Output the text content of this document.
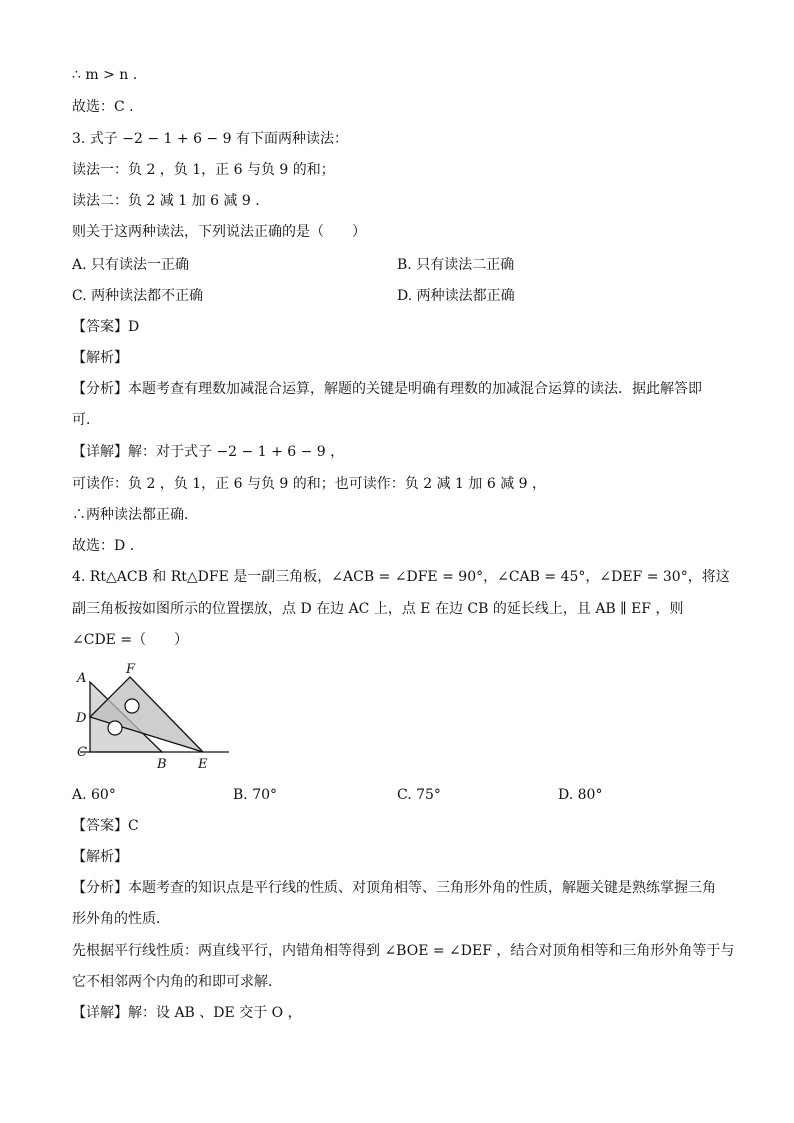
∴ m > n .
故选：C .
3. 式子 −2 − 1 + 6 − 9 有下面两种读法：
读法一：负 2 ，负 1，正 6 与负 9 的和；
读法二：负 2 减 1 加 6 减 9 .
则关于这两种读法，下列说法正确的是（　　）
A. 只有读法一正确	B. 只有读法二正确
C. 两种读法都不正确	D. 两种读法都正确
【答案】D
【解析】
【分析】本题考查有理数加减混合运算，解题的关键是明确有理数的加减混合运算的读法．据此解答即
可．
【详解】解：对于式子 −2 − 1 + 6 − 9 ，
可读作：负 2 ，负 1，正 6 与负 9 的和；也可读作：负 2 减 1 加 6 减 9 ，
∴两种读法都正确．
故选：D .
4. Rt△ACB 和 Rt△DFE 是一副三角板，∠ACB = ∠DFE = 90°，∠CAB = 45°，∠DEF = 30°，将这
副三角板按如图所示的位置摆放，点 D 在边 AC 上，点 E 在边 CB 的延长线上，且 AB ∥ EF ，则
∠CDE =（　　）
A
F
D
C
B E
A. 60°	B. 70°	C. 75°	D. 80°
【答案】C
【解析】
【分析】本题考查的知识点是平行线的性质、对顶角相等、三角形外角的性质，解题关键是熟练掌握三角
形外角的性质．
先根据平行线性质：两直线平行，内错角相等得到 ∠BOE = ∠DEF ，结合对顶角相等和三角形外角等于与
它不相邻两个内角的和即可求解．
【详解】解：设 AB 、DE 交于 O ，
